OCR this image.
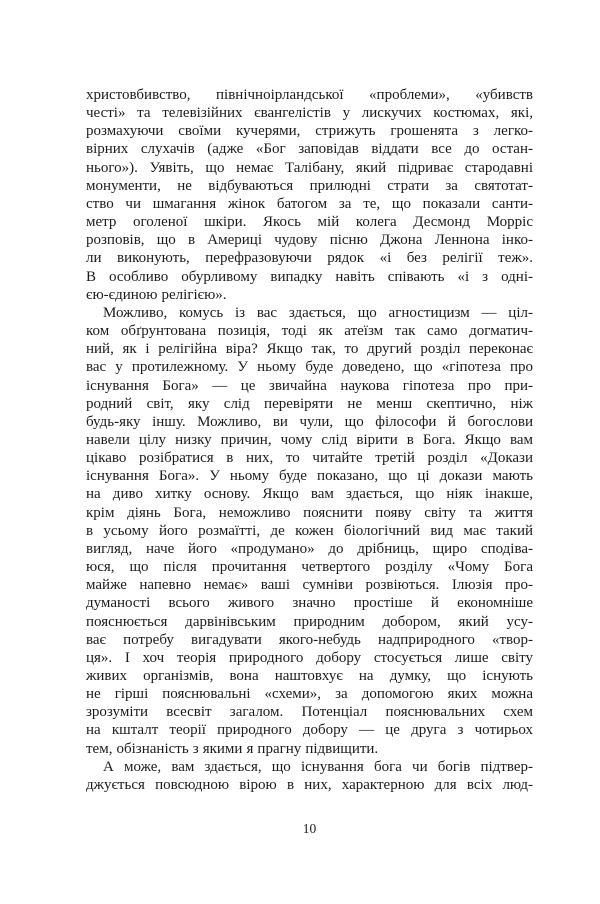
христовбивство, північноірландської «проблеми», «убивств
честі» та телевізійних євангелістів у лискучих костюмах, які,
розмахуючи своїми кучерями, стрижуть грошенята з легко-
вірних слухачів (адже «Бог заповідав віддати все до остан-
нього»). Уявіть, що немає Талібану, який підриває стародавні
монументи, не відбуваються прилюдні страти за святотат-
ство чи шмагання жінок батогом за те, що показали санти-
метр оголеної шкіри. Якось мій колега Десмонд Морріс
розповів, що в Америці чудову пісню Джона Леннона інко-
ли виконують, перефразовуючи рядок «і без релігії теж».
В особливо обурливому випадку навіть співають «і з одні-
єю-єдиною релігією».
Можливо, комусь із вас здається, що агностицизм — ціл-
ком обґрунтована позиція, тоді як атеїзм так само догматич-
ний, як і релігійна віра? Якщо так, то другий розділ переконає
вас у протилежному. У ньому буде доведено, що «гіпотеза про
існування Бога» — це звичайна наукова гіпотеза про при-
родний світ, яку слід перевіряти не менш скептично, ніж
будь-яку іншу. Можливо, ви чули, що філософи й богослови
навели цілу низку причин, чому слід вірити в Бога. Якщо вам
цікаво розібратися в них, то читайте третій розділ «Докази
існування Бога». У ньому буде показано, що ці докази мають
на диво хитку основу. Якщо вам здається, що ніяк інакше,
крім діянь Бога, неможливо пояснити появу світу та життя
в усьому його розмаїтті, де кожен біологічний вид має такий
вигляд, наче його «продумано» до дрібниць, щиро сподіва-
юся, що після прочитання четвертого розділу «Чому Бога
майже напевно немає» ваші сумніви розвіються. Ілюзія про-
думаності всього живого значно простіше й економніше
пояснюється дарвінівським природним добором, який усу-
ває потребу вигадувати якого-небудь надприродного «твор-
ця». І хоч теорія природного добору стосується лише світу
живих організмів, вона наштовхує на думку, що існують
не гірші пояснювальні «схеми», за допомогою яких можна
зрозуміти всесвіт загалом. Потенціал пояснювальних схем
на кшталт теорії природного добору — це друга з чотирьох
тем, обізнаність з якими я прагну підвищити.
А може, вам здається, що існування бога чи богів підтвер-
джується повсюдною вірою в них, характерною для всіх люд-
10
